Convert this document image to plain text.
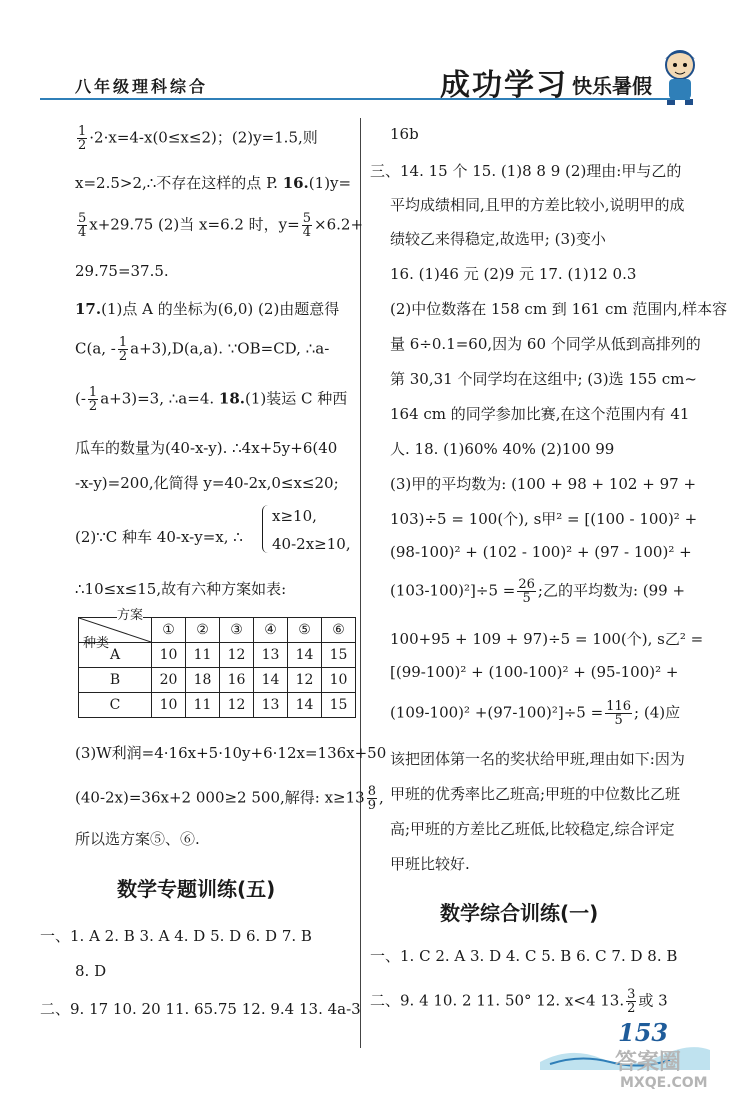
八年级理科综合	成功学习 快乐暑假
$\frac{1}{2} \cdot 2\cdot x=4-x(0\le x\le 2)$；(2)y=1.5,则
x=2.5>2,∴不存在这样的点 P. 16.(1)y=
$\frac{5}{4} x+29.75$ (2)当 x=6.2 时，$y= \frac{5}{4} \times 6.2+$
29.75=37.5.
17.(1)点 A 的坐标为(6,0) (2)由题意得
C(a, - $\frac{1}{2} a+3),D(a,a)$. ∵OB=CD, ∴a-
(- $\frac{1}{2} a+3)=3$, ∴a=4. 18.(1)装运 C 种西
瓜车的数量为(40-x-y). ∴4x+5y+6(40
-x-y)=200,化简得 y=40-2x,0≤x≤20;
(2)∵C 种车 40-x-y=x, ∴
x≥10,
40-2x≥10,
∴10≤x≤15,故有六种方案如表:
方案
种类	①	②	③	④	⑤	⑥
A	10	11	12	13	14	15
B	20	18	16	14	12	10
C	10	11	12	13	14	15
(3)W利润=4·16x+5·10y+6·12x=136x+50
(40-2x)=36x+2 000≥2 500,解得: $x\ge 13 \frac{8}{9}$ ,
所以选方案⑤、⑥.
数学专题训练(五)
一、1. A 2. B 3. A 4. D 5. D 6. D 7. B
8. D
二、9. 17 10. 20 11. 65.75 12. 9.4 13. 4a-3
16b
三、14. 15 个 15. (1)8 8 9 (2)理由:甲与乙的
平均成绩相同,且甲的方差比较小,说明甲的成
绩较乙来得稳定,故选甲; (3)变小
16. (1)46 元 (2)9 元 17. (1)12 0.3
(2)中位数落在 158 cm 到 161 cm 范围内,样本容
量 6÷0.1=60,因为 60 个同学从低到高排列的
第 30,31 个同学均在这组中; (3)选 155 cm~
164 cm 的同学参加比赛,在这个范围内有 41
人. 18. (1)60% 40% (2)100 99
(3)甲的平均数为: (100 + 98 + 102 + 97 +
103)÷5 = 100(个), s甲² = [(100 - 100)² +
(98-100)² + (102 - 100)² + (97 - 100)² +
$(103-100)^2]\div 5 = \frac{26}{5}$ ;乙的平均数为: (99 +
100+95 + 109 + 97)÷5 = 100(个), s乙² =
[(99-100)² + (100-100)² + (95-100)² +
$(109-100)^2 +(97-100)^2]\div 5 = \frac{116}{5}$ ; (4)应
该把团体第一名的奖状给甲班,理由如下:因为
甲班的优秀率比乙班高;甲班的中位数比乙班
高;甲班的方差比乙班低,比较稳定,综合评定
甲班比较好.
数学综合训练(一)
一、1. C 2. A 3. D 4. C 5. B 6. C 7. D 8. B
二、9. 4 10. 2 11. 50° 12. x<4 13. $\frac{3}{2}$ 或 3
153
答案圈
MXQE.COM
